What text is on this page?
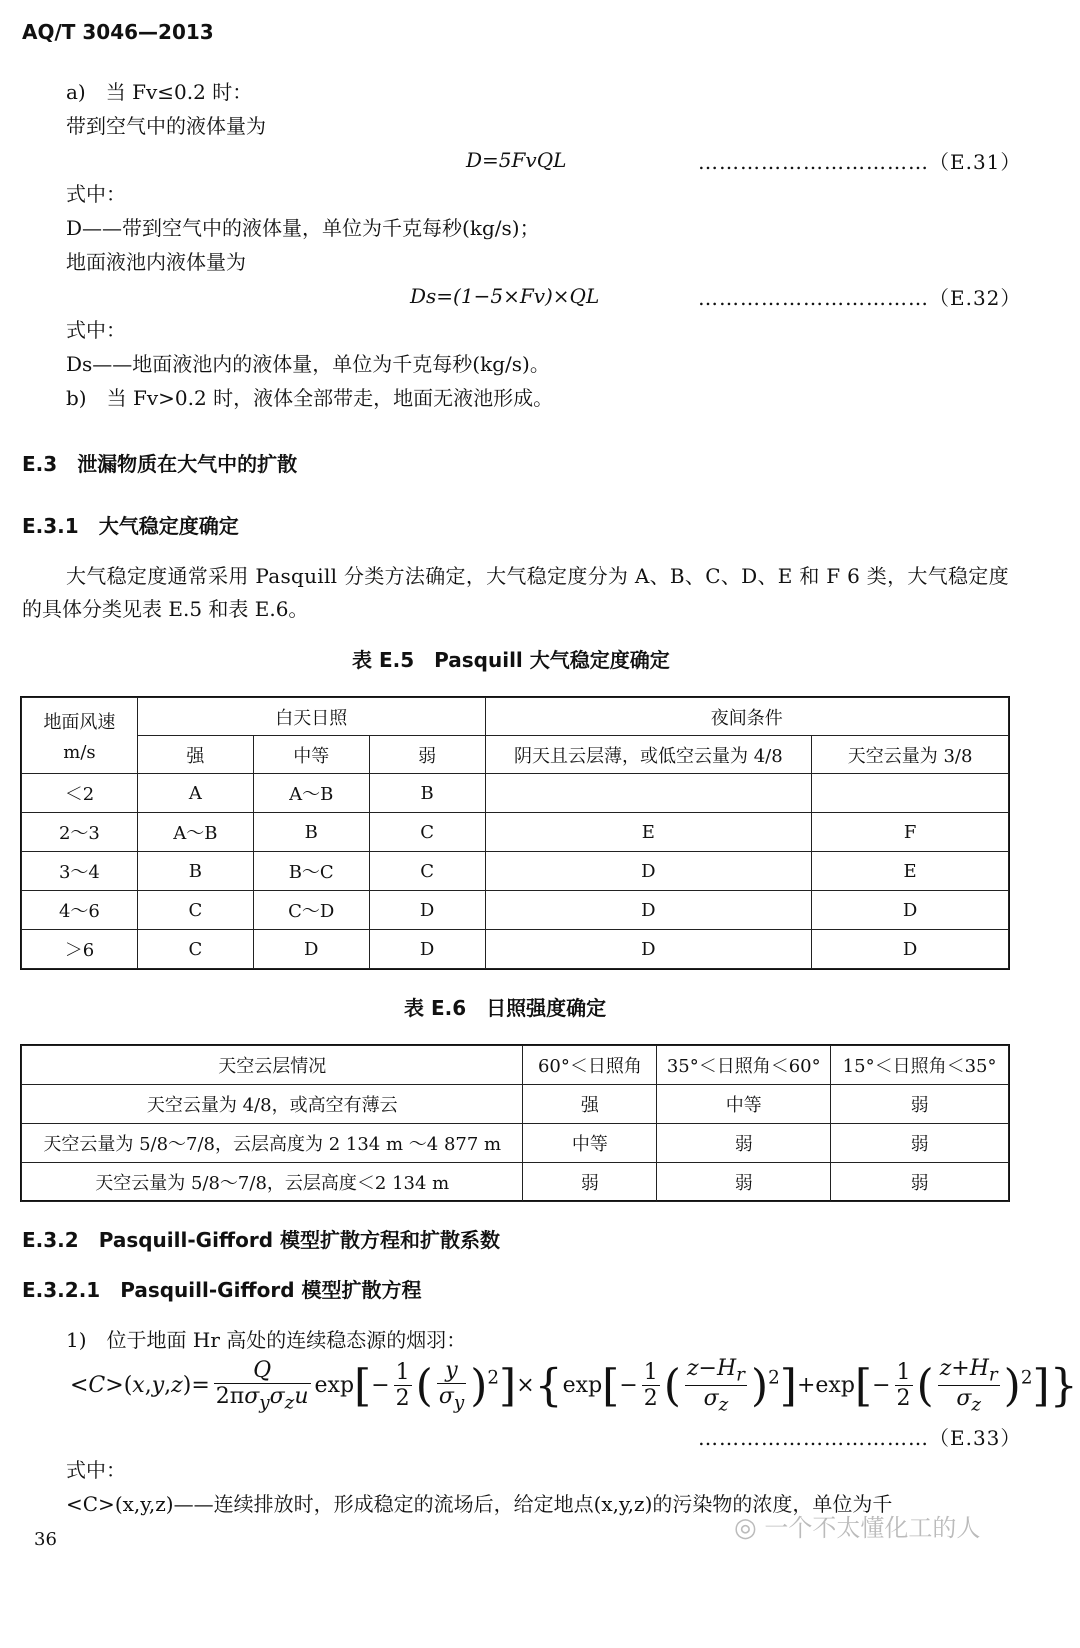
AQ/T 3046—2013
a)　 当 Fv≤0.2 时：
带到空气中的液体量为
D=5FvQL	……………………………（E.31）
式中：
D——带到空气中的液体量，单位为千克每秒(kg/s)；
地面液池内液体量为
Ds=(1−5×Fv)×QL	……………………………（E.32）
式中：
Ds——地面液池内的液体量，单位为千克每秒(kg/s)。
b)　 当 Fv>0.2 时，液体全部带走，地面无液池形成。
E.3　 泄漏物质在大气中的扩散
E.3.1　 大气稳定度确定
大气稳定度通常采用 Pasquill 分类方法确定，大气稳定度分为 A、B、C、D、E 和 F 6 类，大气稳定度
的具体分类见表 E.5 和表 E.6。
表 E.5　Pasquill 大气稳定度确定
地面风速
m/s	白天日照			夜间条件	
	强	中等	弱	阴天且云层薄，或低空云量为 4/8	天空云量为 3/8
＜2	A	A～B	B		
2～3	A～B	B	C	E	F
3～4	B	B～C	C	D	E
4～6	C	C～D	D	D	D
＞6	C	D	D	D	D
表 E.6　日照强度确定
天空云层情况	60°＜日照角	35°＜日照角＜60°	15°＜日照角＜35°
天空云量为 4/8，或高空有薄云	强	中等	弱
天空云量为 5/8～7/8，云层高度为 2 134 m ～4 877 m	中等	弱	弱
天空云量为 5/8～7/8，云层高度＜2 134 m	弱	弱	弱
E.3.2　 Pasquill-Gifford 模型扩散方程和扩散系数
E.3.2.1　 Pasquill-Gifford 模型扩散方程
1)　 位于地面 Hr 高处的连续稳态源的烟羽：
$<C>(x,y,z)= \frac{Q}{2\pi\sigma_y\sigma_zu} \exp[- \frac{1}{2}$ ( $\frac{y}{\sigma_y} )^2]\times\{\exp[- \frac{1}{2}$ ( $\frac{z-H_r}{\sigma_z} )^2]+\exp[- \frac{1}{2}$ ( $\frac{z+H_r}{\sigma_z} )^2$]}
……………………………（E.33）
式中：
<C>(x,y,z)——连续排放时，形成稳定的流场后，给定地点(x,y,z)的污染物的浓度，单位为千
36	◎ 一个不太懂化工的人
